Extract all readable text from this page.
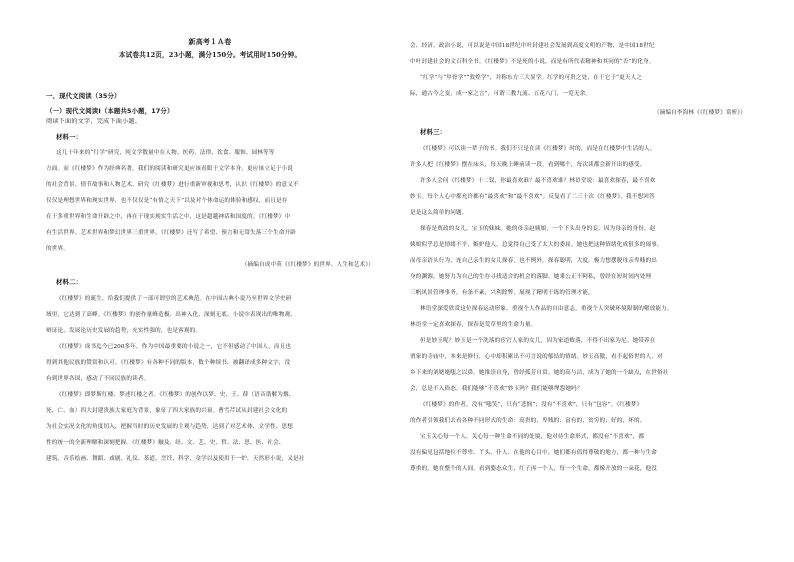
新高考１Ａ卷
本试卷共12页，23小题，满分150分。考试用时150分钟。
一、现代文阅读（35分）
（一）现代文阅读Ⅰ（本题共5小题，17分）
阅读下面的文字，完成下面小题。
材料一：
这几十年来的“红学”研究，纯文学数量中在人物、医药、法律、饮食、服饰、园林等等
方面。而《红楼梦》作为经典名著，我们的阅读和研究更应该看眼于文学本身，更应该立足于小说
的社会背景、情节故事和人物艺术。研究《红楼梦》进行重新审视和思考，认识《红楼梦》的意义不
仅仅是理想世界和现实世界，也不仅仅是“有情之天下”以及对个体命运的体验和感叹，而且是存
在于多重世界和生命开辟之中，再在于现实现实生活之中，这是超越神话和国度的。《红楼梦》中
有生活世界、艺术世界和梦幻世界三重世界，《红楼梦》还写了希望、预言和无常失落三个生命开辟
的世界。
（摘编自成中英《《红楼梦》的世界、人生和艺术》）
材料二：
《红楼梦》的诞生，给我们提供了一部可谓堂的艺术典范。在中国古典小说乃至世界文学史研
域里，它达到了高峰。《红楼梦》的创作量峰造极、出神入化、深刻无底。小说中表现出的唯物观、
辩证论、发展论历史发展的趋势，充实性强的，也是客观的。
《红楼梦》成书迄今已200多年，作为中国最重要的小说之一，它不但感动了中国人，而且也
得到其他民族的赞赏和认可。《红楼梦》有各种不同的版本，数个种续书，被翻译成多种文字，没
有到世界各国，感动了不同民族的读者。
《红楼梦》即梦斯红楼、梦述红楼之者。《红楼梦》的创作以梦、史、王、薛（语音谐解为烟、
死、亡、血）四大封建贵族大家庭为背景，象征了四大家族的兴衰。曹雪芹试从封建社会文化的
为社会实况文化的角度切入，把握当时的历史发展的主观与趋势，达到了对艺术体、文学性、思想
性的统一的全新理解和深刻把握。《红楼梦》触及、经、文、艺、史、哲、法、思、医、社会、
建筑、音乐绘画、舞蹈、戏剧、礼仪、茶道、烹饪、科学、金学以及使用于一炉，天然形小说，又是社
会、经济、政治小说，可以说是中国18世纪中叶封建社会发展到高度文明的产物，是中国18世纪
中叶封建社会的文百科全书。《红楼梦》不是死的小说，而是有所代表精神和其同的“否”的化身。
“红学”与“甲骨学”“敦煌学”，并称东方三大显学。红学的可贵之处，在于它于“更天人之
际，通古今之变，成一家之言”，可谓三教九流、五花八门，一览无余。
（摘编自李海林《《红楼梦》赏析》）
材料三：
《红楼梦》可以读一辈子的书。我们不只是在读《红楼梦》时的，而是在红楼梦中生活的人。
许多人把《红楼梦》摆在床头，每天晚上睡前读一段，看到哪个，每次读都会新开出的感受。
许多人会问《红楼梦》十二钗，你最喜欢谁？最不喜欢谁？林语堂说：最喜欢探春，最不喜欢
妙玉。每个人心中都允许都有“最喜欢”和“最不喜欢”。反复看了二三十次《红楼梦》，我不想回答
是是这么简单的问题。
探春是贾政的女儿，宝玉的妹妹。她的母亲赵姨娘，一个下头出身的妾。因为母亲的身份，赵
姨娘似乎总是情绪不平，嫉妒他人，总觉得自己受了太大的委屈。她也把这种情绪化成很多的闹事，
而母亲语头行为，连自己亲生的女儿探春，也不例外。探春聪明，大度，极力想摆脱母亲卑贱的出
身的渊源，她努力为自己的生存寻找适合的机会的落脚。她秉公正不阿私，曾经在短时间内处理
三帆风景管理事务，有条不紊，兴利除弊，展现了精明干练的管理才能。
林语堂深爱欣赏这位探春运动形象，重视个人作品的自由意志，重视个人突破环境限制的解放能力。
林语堂一定喜欢探春，探春是荒草里的生命力量。
但是妙玉呢？妙玉是一个洗落的宦官人家的女儿，因为家道败落，不得不出家为尼。她带养在
贾家的寺庙中，本来是修行，心中却积累出不可言说的郁结的情绪。妙玉高傲，看不起俗世的人，对
乡下来的刘姥姥嗤之以鼻。她推崇自身，曾经孤芳自赏。她的高与洁，成为了她的一个缺点，在世俗社
会，总是不入俗态。我们能够“不喜欢”妙玉吗？我们能够埋怨她吗？
《红楼梦》的作者，没有“嗤笑”，只有“悲悯”；没有“不喜欢”，只有“包容”。《红楼梦》
的作者引领我们去看各种不同形式的生命：高贵的，卑贱的；富有的，贫穷的；好的，坏的。
宝玉关心每一个人，关心每一种生命不同的处境，他对待生命形式，都没有“不喜欢”，都
没有偏见包括地位不尊卑、丫头、仆人、在他的心目中，她们都有值得尊敬的地方，都一种与生命
尊重的，她在整个的人间，看到姿态众生，红子再一个人，每一个生命，都像开放的一朵花，他没
